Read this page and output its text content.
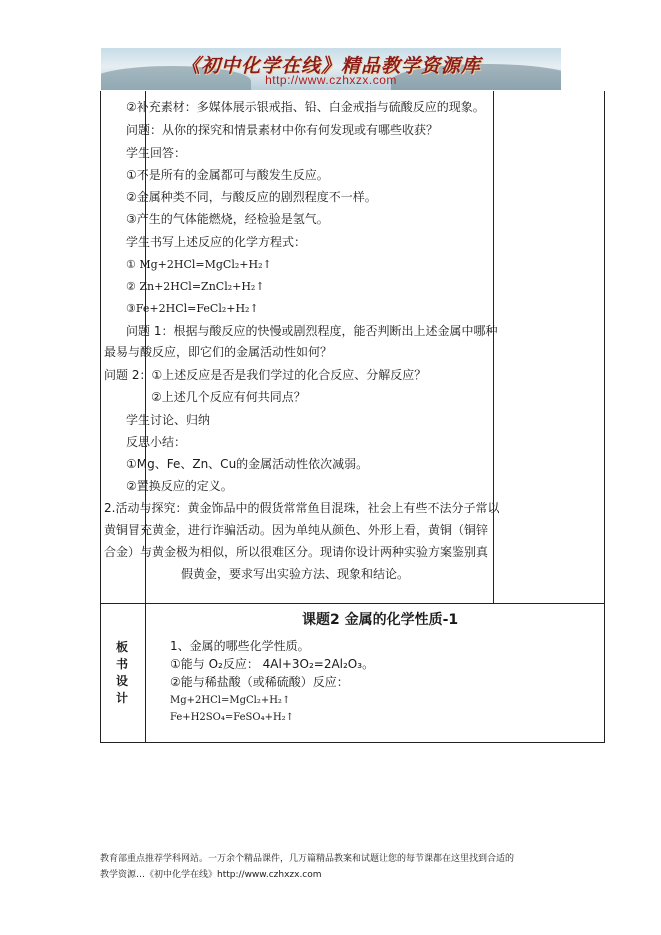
《初中化学在线》精品教学资源库
http://www.czhxzx.com
②补充素材：多媒体展示银戒指、铅、白金戒指与硫酸反应的现象。
问题：从你的探究和情景素材中你有何发现或有哪些收获？
学生回答：
①不是所有的金属都可与酸发生反应。
②金属种类不同，与酸反应的剧烈程度不一样。
③产生的气体能燃烧，经检验是氢气。
学生书写上述反应的化学方程式：
① Mg+2HCl=MgCl₂+H₂↑
② Zn+2HCl=ZnCl₂+H₂↑
③Fe+2HCl=FeCl₂+H₂↑
问题 1：根据与酸反应的快慢或剧烈程度，能否判断出上述金属中哪种
最易与酸反应，即它们的金属活动性如何？
问题 2：①上述反应是否是我们学过的化合反应、分解反应？
②上述几个反应有何共同点？
学生讨论、归纳
反思小结：
①Mg、Fe、Zn、Cu的金属活动性依次减弱。
②置换反应的定义。
2.活动与探究：黄金饰品中的假货常常鱼目混珠，社会上有些不法分子常以
黄铜冒充黄金，进行诈骗活动。因为单纯从颜色、外形上看，黄铜（铜锌
合金）与黄金极为相似，所以很难区分。现请你设计两种实验方案鉴别真
假黄金，要求写出实验方法、现象和结论。
板
书
设
计
课题2 金属的化学性质-1
1、金属的哪些化学性质。
①能与 O₂反应： 4Al+3O₂=2Al₂O₃。
②能与稀盐酸（或稀硫酸）反应：
Mg+2HCl=MgCl₂+H₂↑
Fe+H2SO₄=FeSO₄+H₂↑
教育部重点推荐学科网站。一万余个精品课件，几万篇精品教案和试题让您的每节课都在这里找到合适的
教学资源…《初中化学在线》http://www.czhxzx.com
